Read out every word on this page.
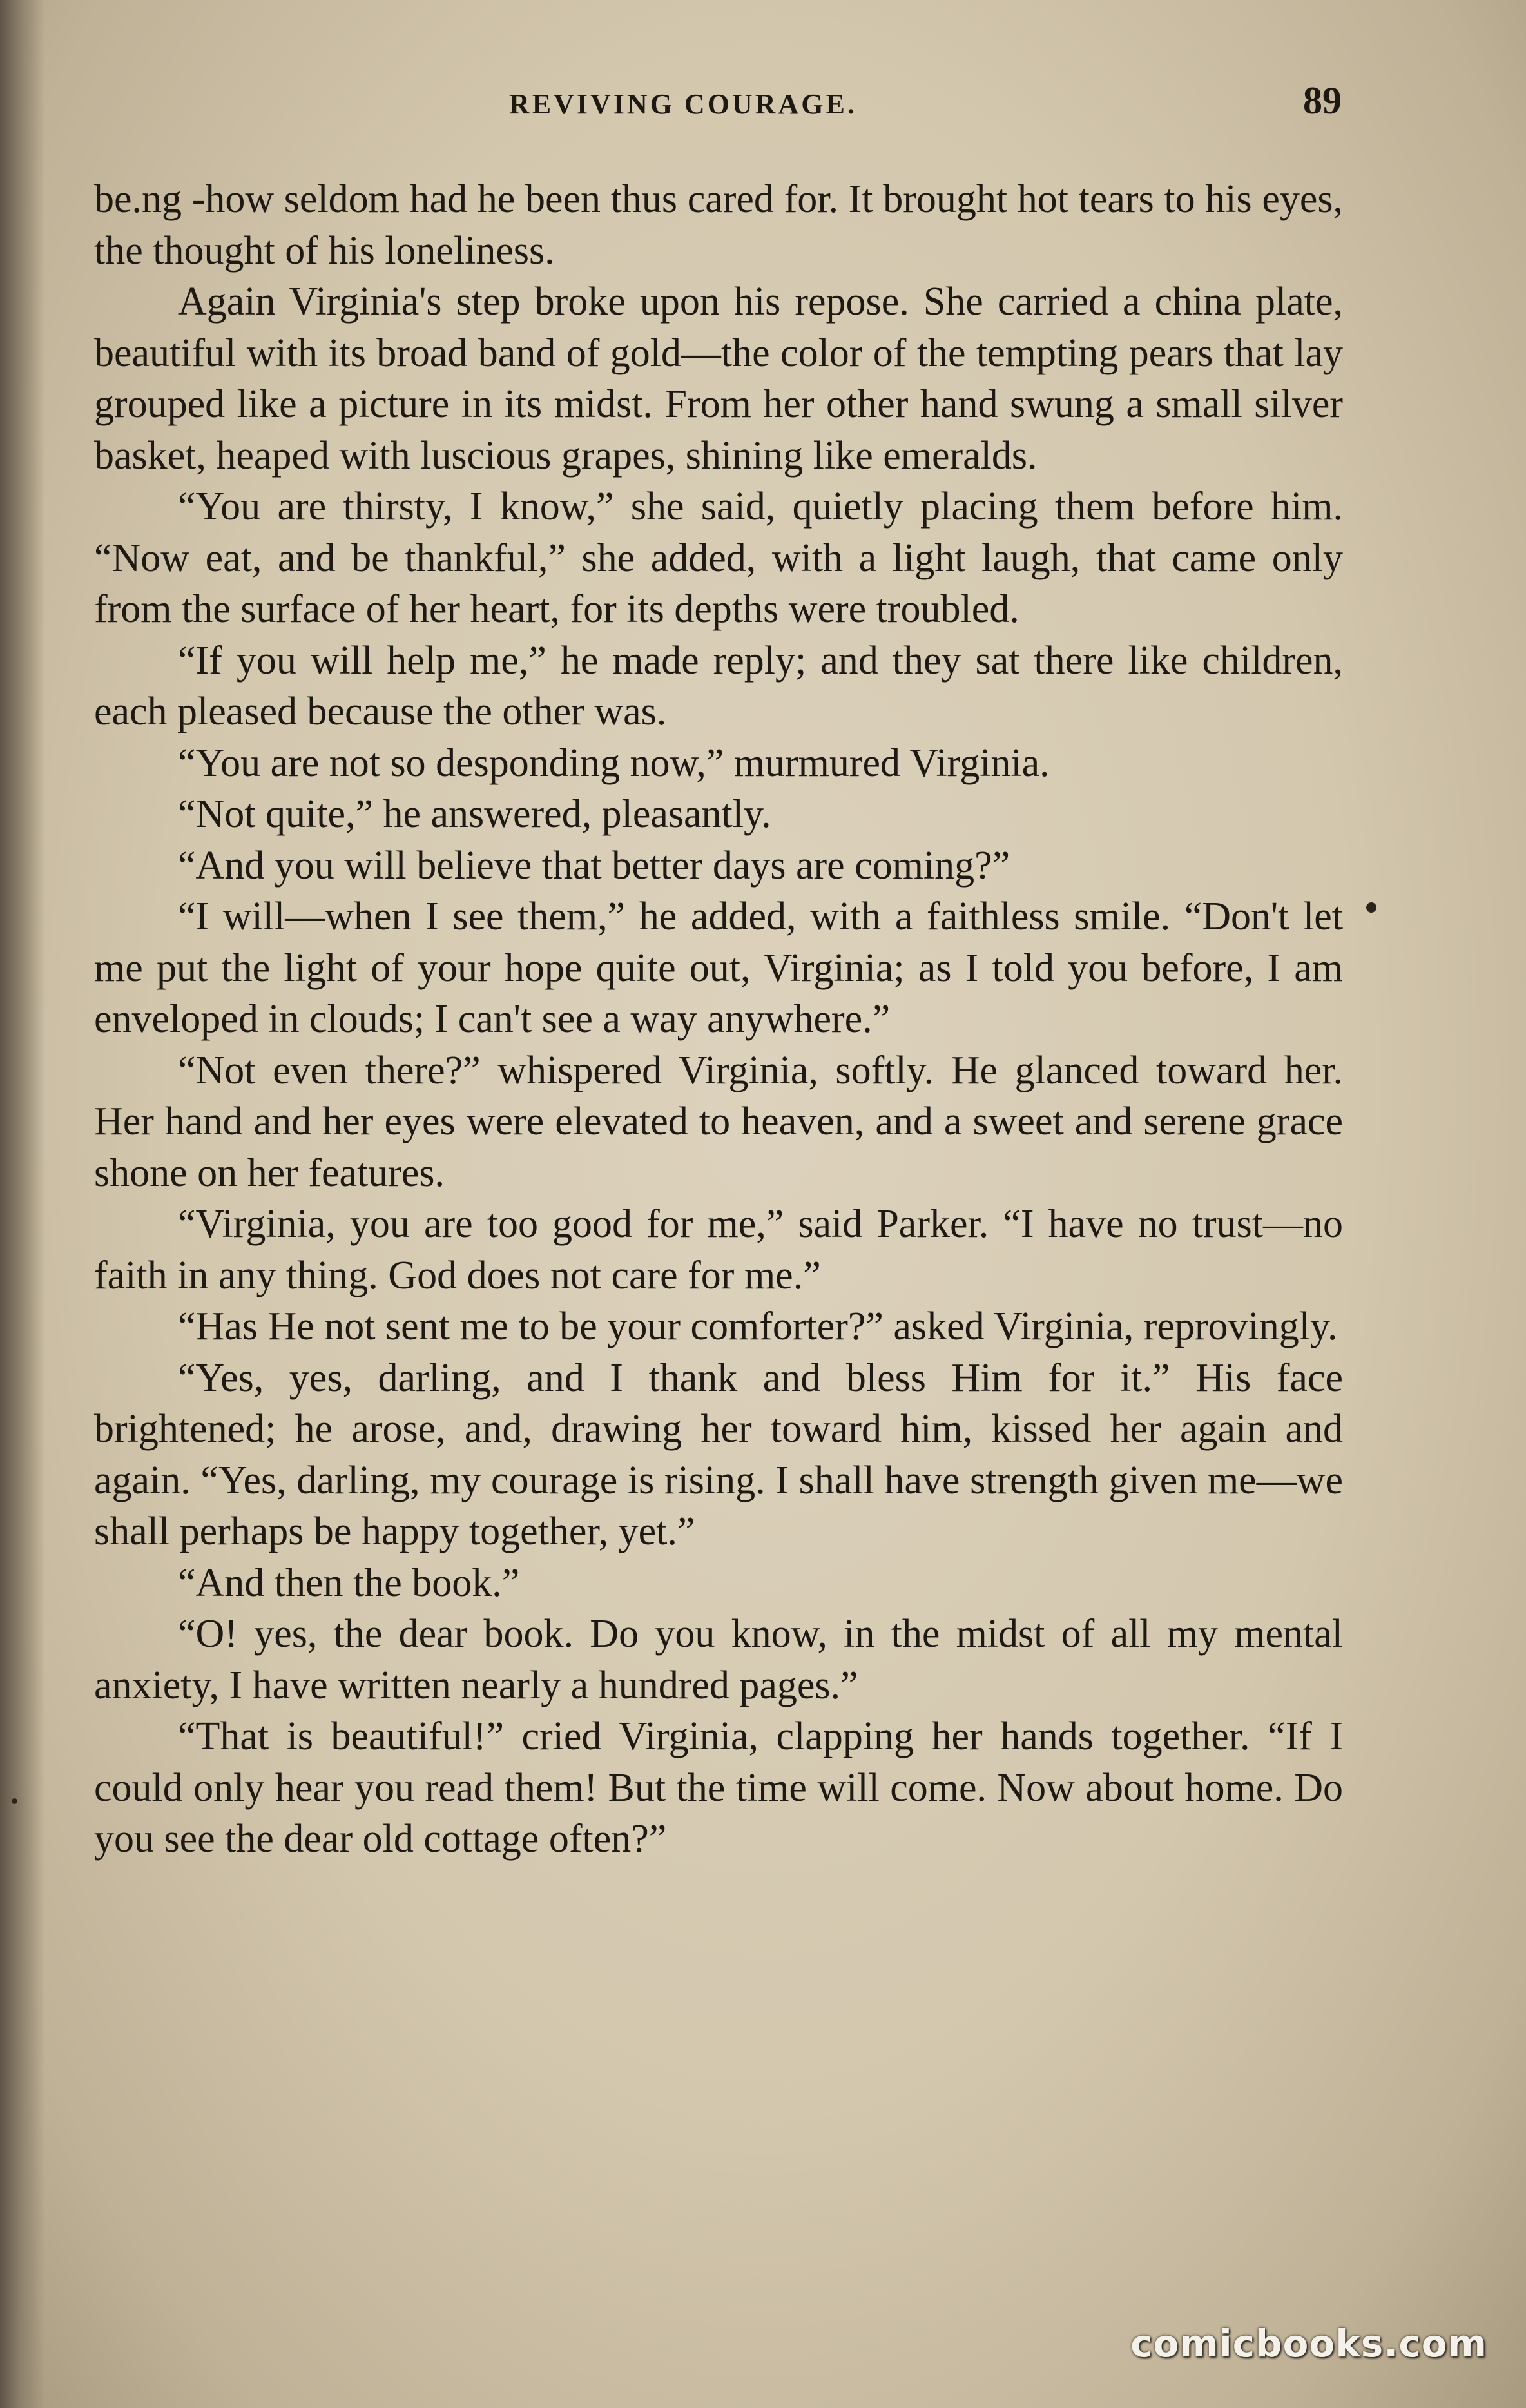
REVIVING COURAGE.	89

be.ng -how seldom had he been thus cared for. It brought hot tears to his eyes, the thought of his loneliness.

Again Virginia's step broke upon his repose. She carried a china plate, beautiful with its broad band of gold—the color of the tempting pears that lay grouped like a picture in its midst. From her other hand swung a small silver basket, heaped with luscious grapes, shining like emeralds.

“You are thirsty, I know,” she said, quietly placing them before him. “Now eat, and be thankful,” she added, with a light laugh, that came only from the surface of her heart, for its depths were troubled.

“If you will help me,” he made reply; and they sat there like children, each pleased because the other was.

“You are not so desponding now,” murmured Virginia.

“Not quite,” he answered, pleasantly.

“And you will believe that better days are coming?”

“I will—when I see them,” he added, with a faithless smile. “Don't let me put the light of your hope quite out, Virginia; as I told you before, I am enveloped in clouds; I can't see a way anywhere.”

“Not even there?” whispered Virginia, softly. He glanced toward her. Her hand and her eyes were elevated to heaven, and a sweet and serene grace shone on her features.

“Virginia, you are too good for me,” said Parker. “I have no trust—no faith in any thing. God does not care for me.”

“Has He not sent me to be your comforter?” asked Virginia, reprovingly.

“Yes, yes, darling, and I thank and bless Him for it.” His face brightened; he arose, and, drawing her toward him, kissed her again and again. “Yes, darling, my courage is rising. I shall have strength given me—we shall perhaps be happy together, yet.”

“And then the book.”

“O! yes, the dear book. Do you know, in the midst of all my mental anxiety, I have written nearly a hundred pages.”

“That is beautiful!” cried Virginia, clapping her hands together. “If I could only hear you read them! But the time will come. Now about home. Do you see the dear old cottage often?”

comicbooks.com
